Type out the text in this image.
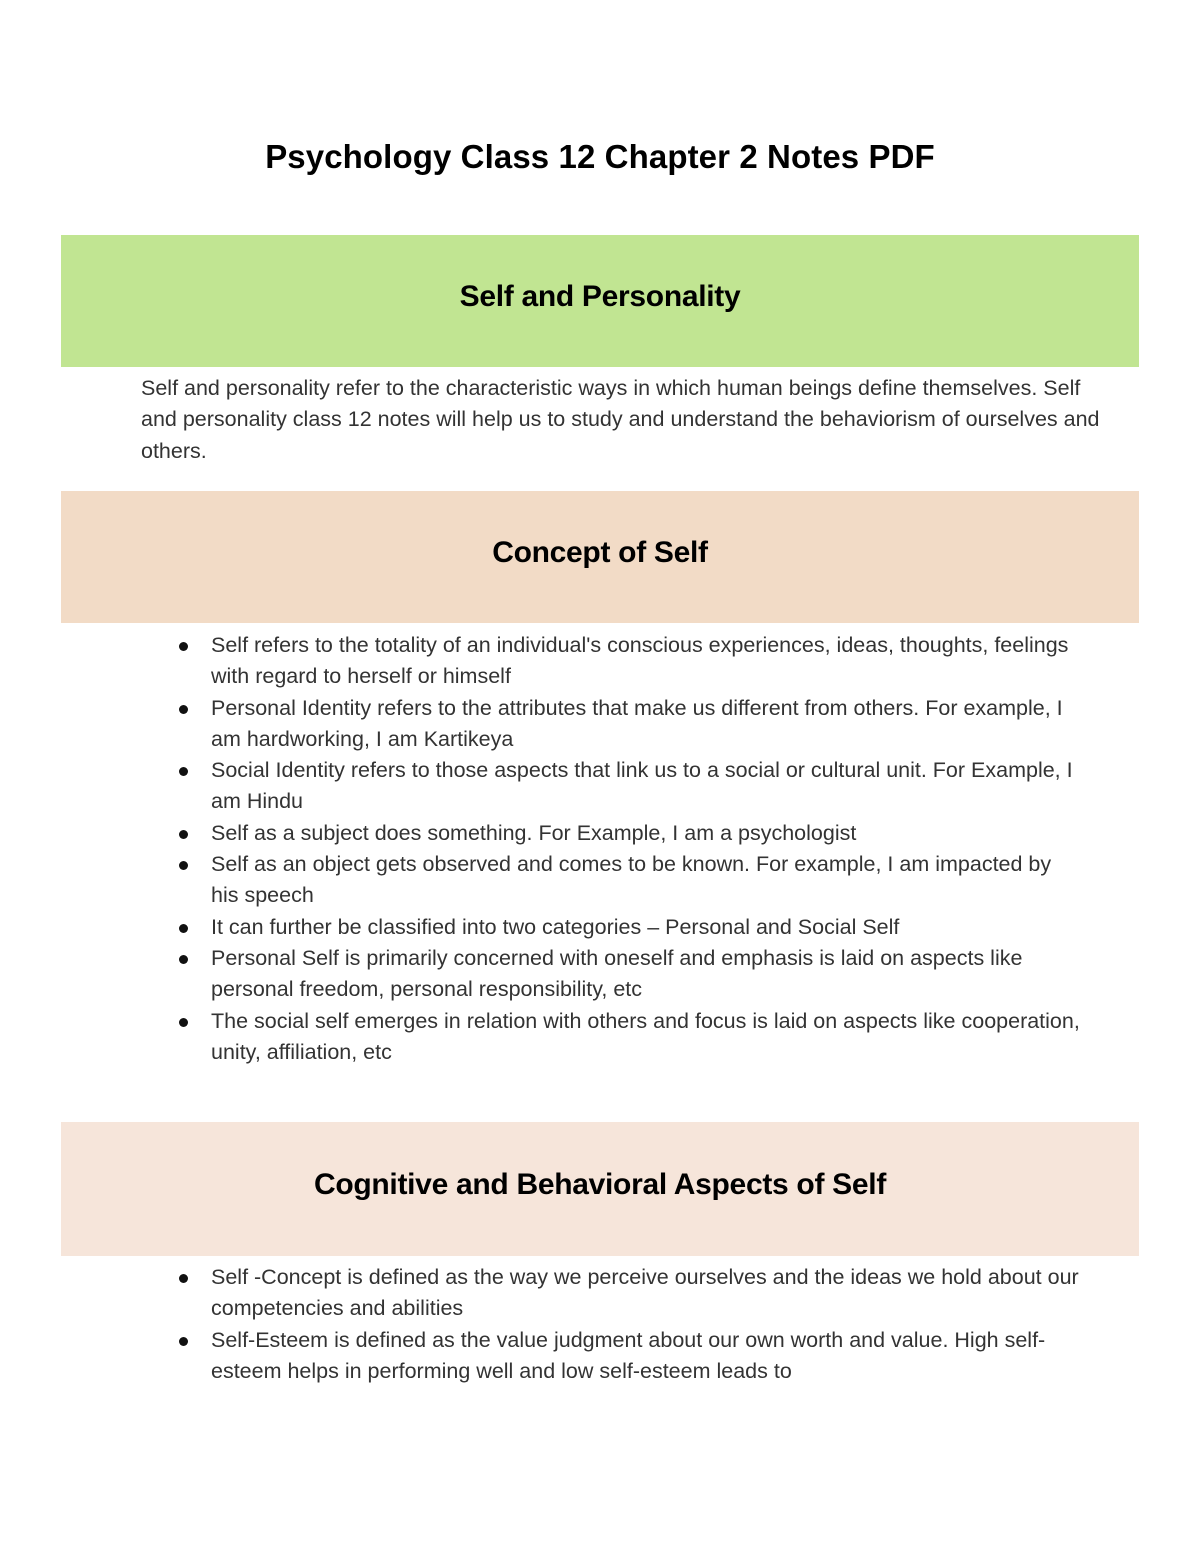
Psychology Class 12 Chapter 2 Notes PDF
Self and Personality

Self and personality refer to the characteristic ways in which human beings define themselves. Self and personality class 12 notes will help us to study and understand the behaviorism of ourselves and others.

Concept of Self
Self refers to the totality of an individual's conscious experiences, ideas, thoughts, feelings with regard to herself or himself
Personal Identity refers to the attributes that make us different from others. For example, I am hardworking, I am Kartikeya
Social Identity refers to those aspects that link us to a social or cultural unit. For Example, I am Hindu
Self as a subject does something. For Example, I am a psychologist
Self as an object gets observed and comes to be known. For example, I am impacted by his speech
It can further be classified into two categories – Personal and Social Self
Personal Self is primarily concerned with oneself and emphasis is laid on aspects like personal freedom, personal responsibility, etc
The social self emerges in relation with others and focus is laid on aspects like cooperation, unity, affiliation, etc
Cognitive and Behavioral Aspects of Self
Self -Concept is defined as the way we perceive ourselves and the ideas we hold about our competencies and abilities
Self-Esteem is defined as the value judgment about our own worth and value. High self-esteem helps in performing well and low self-esteem leads to
